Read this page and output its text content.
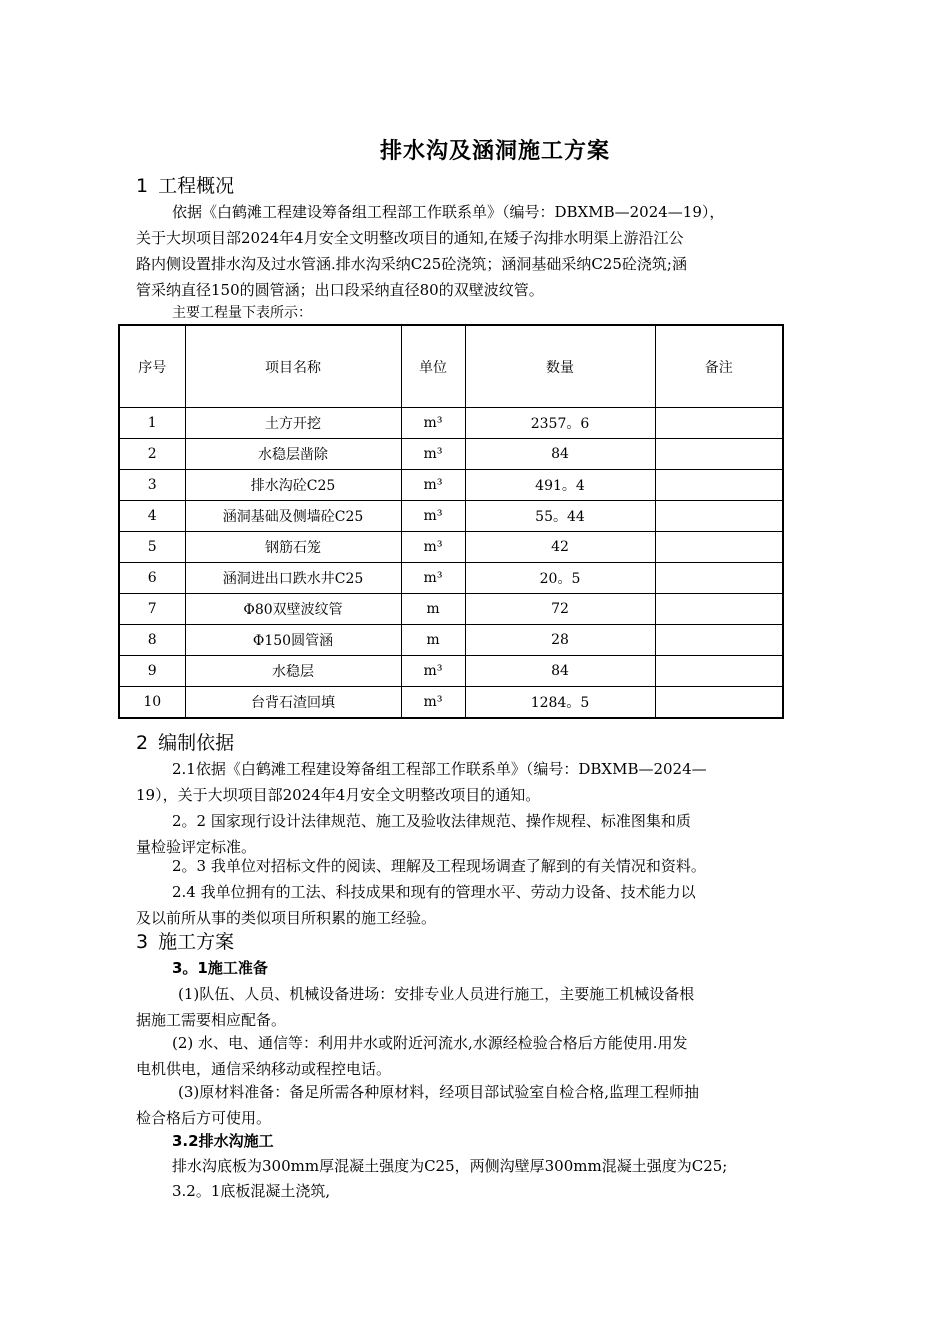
排水沟及涵洞施工方案
1 工程概况
依据《白鹤滩工程建设筹备组工程部工作联系单》（编号：DBXMB—2024—19），
关于大坝项目部2024年4月安全文明整改项目的通知,在矮子沟排水明渠上游沿江公
路内侧设置排水沟及过水管涵.排水沟采纳C25砼浇筑；涵洞基础采纳C25砼浇筑;涵
管采纳直径150的圆管涵；出口段采纳直径80的双壁波纹管。
主要工程量下表所示：
序号	项目名称	单位	数量	备注
1	土方开挖	m³	2357。6	
2	水稳层凿除	m³	84	
3	排水沟砼C25	m³	491。4	
4	涵洞基础及侧墙砼C25	m³	55。44	
5	钢筋石笼	m³	42	
6	涵洞进出口跌水井C25	m³	20。5	
7	Φ80双壁波纹管	m	72	
8	Φ150圆管涵	m	28	
9	水稳层	m³	84	
10	台背石渣回填	m³	1284。5	
2 编制依据
2.1依据《白鹤滩工程建设筹备组工程部工作联系单》（编号：DBXMB—2024—
19），关于大坝项目部2024年4月安全文明整改项目的通知。
2。2 国家现行设计法律规范、施工及验收法律规范、操作规程、标准图集和质
量检验评定标准。
2。3 我单位对招标文件的阅读、理解及工程现场调查了解到的有关情况和资料。
2.4 我单位拥有的工法、科技成果和现有的管理水平、劳动力设备、技术能力以
及以前所从事的类似项目所积累的施工经验。
3 施工方案
3。1施工准备
(1)队伍、人员、机械设备进场：安排专业人员进行施工，主要施工机械设备根
据施工需要相应配备。
(2) 水、电、通信等：利用井水或附近河流水,水源经检验合格后方能使用.用发
电机供电，通信采纳移动或程控电话。
(3)原材料准备：备足所需各种原材料，经项目部试验室自检合格,监理工程师抽
检合格后方可使用。
3.2排水沟施工
排水沟底板为300mm厚混凝土强度为C25，两侧沟壁厚300mm混凝土强度为C25;
3.2。1底板混凝土浇筑,
